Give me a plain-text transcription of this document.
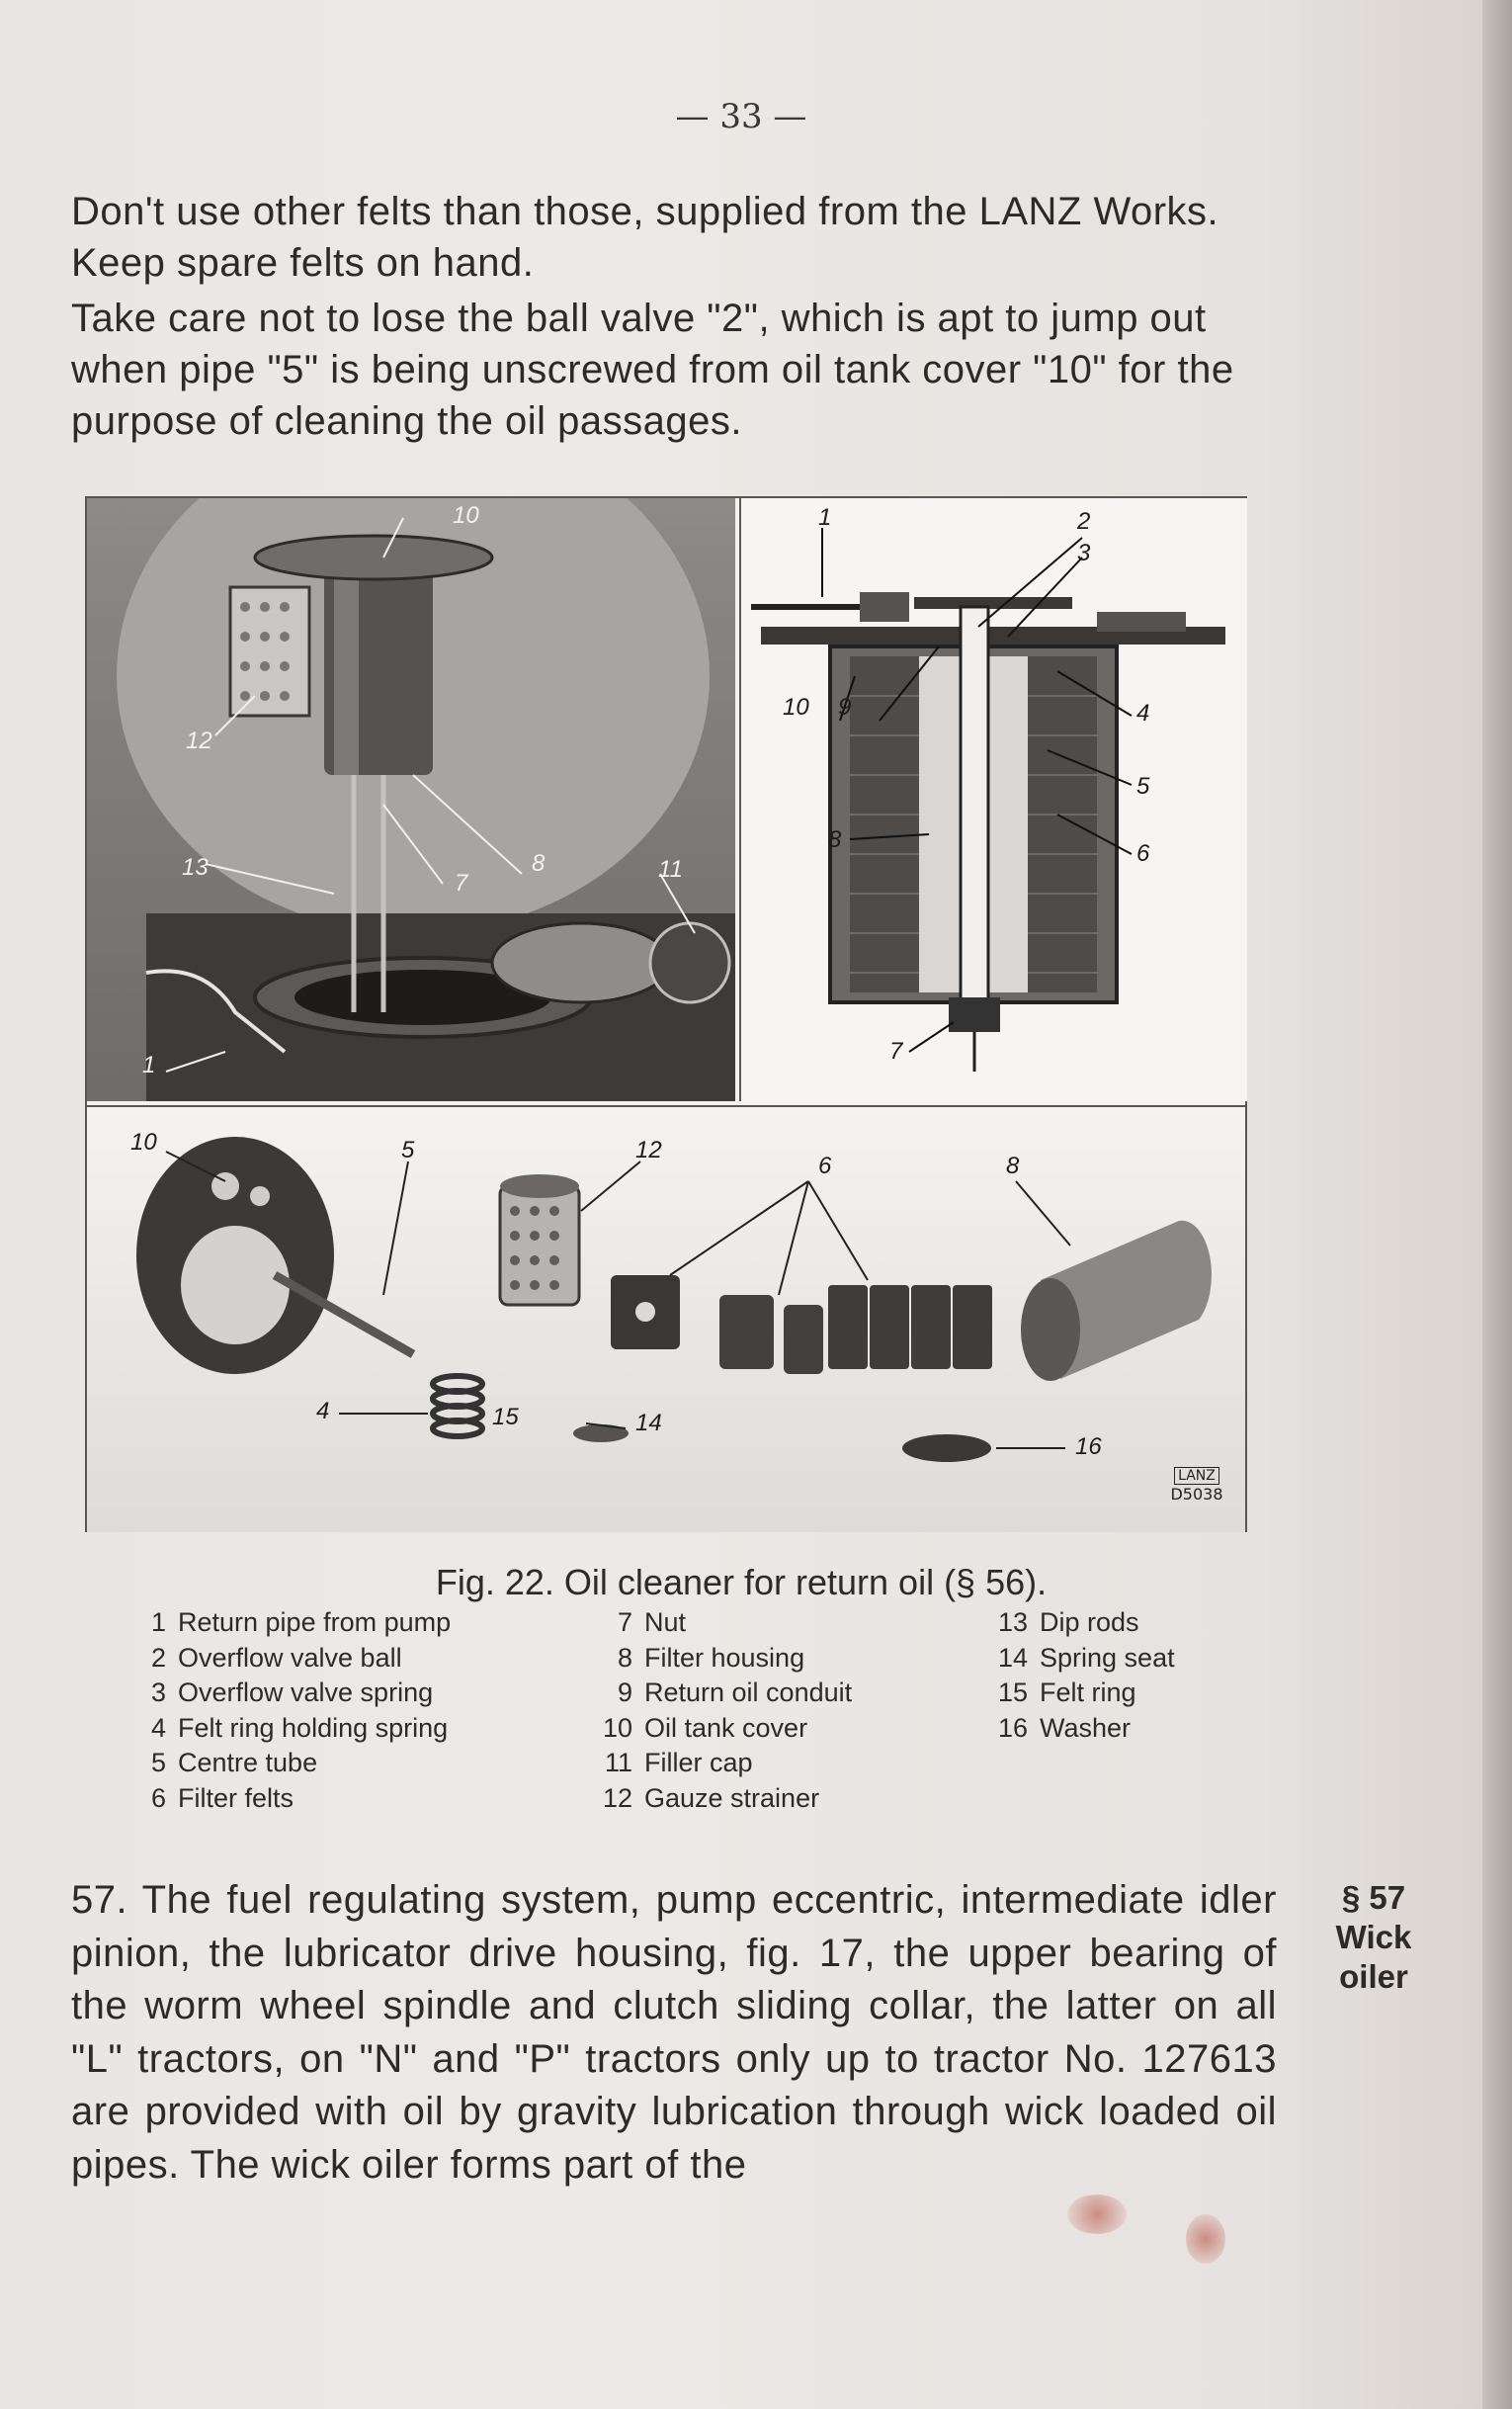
— 33 —

Don't use other felts than those, supplied from the LANZ Works. Keep spare felts on hand.

Take care not to lose the ball valve "2", which is apt to jump out when pipe "5" is being unscrewed from oil tank cover "10" for the purpose of cleaning the oil passages.

10
12
13
7
8	11
1
1	2
3
10 9	4
5
8
6
7
10	5	12
6	8
4	15	14
16
LANZ
D5038
Fig. 22. Oil cleaner for return oil (§ 56).
1 Return pipe from pump
2 Overflow valve ball
3 Overflow valve spring
4 Felt ring holding spring
5 Centre tube
6 Filter felts
7 Nut
8 Filter housing
9 Return oil conduit
10 Oil tank cover
11 Filler cap
12 Gauze strainer
13 Dip rods
14 Spring seat
15 Felt ring
16 Washer

57. The fuel regulating system, pump eccentric, intermediate idler pinion, the lubricator drive housing, fig. 17, the upper bearing of the worm wheel spindle and clutch sliding collar, the latter on all "L" tractors, on "N" and "P" tractors only up to tractor No. 127613 are provided with oil by gravity lubrication through wick loaded oil pipes. The wick oiler forms part of the

§ 57
Wick
oiler
